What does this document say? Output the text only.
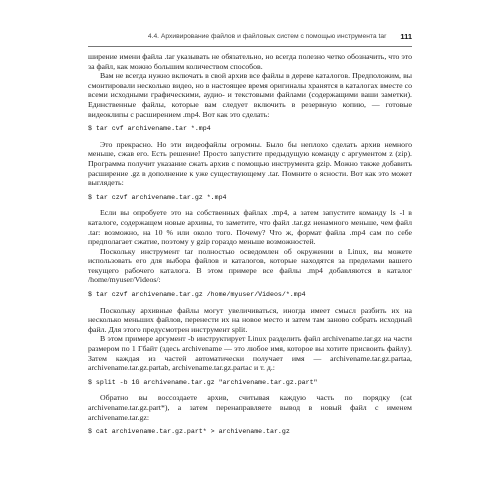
4.4. Архивирование файлов и файловых систем с помощью инструмента tar 111

ширение имени файла .tar указывать не обязательно, но всегда полезно четко обозначить, что это за файл, как можно большим количеством способов.

Вам не всегда нужно включать в свой архив все файлы в дереве каталогов. Предположим, вы смонтировали несколько видео, но в настоящее время оригиналы хранятся в каталогах вместе со всеми исходными графическими, аудио- и текстовыми файлами (содержащими ваши заметки). Единственные файлы, которые вам следует включить в резервную копию, — готовые видеоклипы с расширением .mp4. Вот как это сделать:

$ tar cvf archivename.tar *.mp4

Это прекрасно. Но эти видеофайлы огромны. Было бы неплохо сделать архив немного меньше, сжав его. Есть решение! Просто запустите предыдущую команду с аргументом z (zip). Программа получит указание сжать архив с помощью инструмента gzip. Можно также добавить расширение .gz в дополнение к уже существующему .tar. Помните о ясности. Вот как это может выглядеть:

$ tar czvf archivename.tar.gz *.mp4

Если вы опробуете это на собственных файлах .mp4, а затем запустите команду ls -l в каталоге, содержащем новые архивы, то заметите, что файл .tar.gz ненамного меньше, чем файл .tar: возможно, на 10 % или около того. Почему? Что ж, формат файла .mp4 сам по себе предполагает сжатие, поэтому у gzip гораздо меньше возможностей.

Поскольку инструмент tar полностью осведомлен об окружении в Linux, вы можете использовать его для выбора файлов и каталогов, которые находятся за пределами вашего текущего рабочего каталога. В этом примере все файлы .mp4 добавляются в каталог /home/myuser/Videos/:

$ tar czvf archivename.tar.gz /home/myuser/Videos/*.mp4

Поскольку архивные файлы могут увеличиваться, иногда имеет смысл разбить их на несколько меньших файлов, перенести их на новое место и затем там заново собрать исходный файл. Для этого предусмотрен инструмент split.

В этом примере аргумент -b инструктирует Linux разделить файл archivename.tar.gz на части размером по 1 Гбайт (здесь archivename — это любое имя, которое вы хотите присвоить файлу). Затем каждая из частей автоматически получает имя — archivename.tar.gz.partaa, archivename.tar.gz.partab, archivename.tar.gz.partac и т. д.:

$ split -b 1G archivename.tar.gz "archivename.tar.gz.part"

Обратно вы воссоздаете архив, считывая каждую часть по порядку (cat archivename.tar.gz.part*), а затем перенаправляете вывод в новый файл с именем archivename.tar.gz:

$ cat archivename.tar.gz.part* > archivename.tar.gz
